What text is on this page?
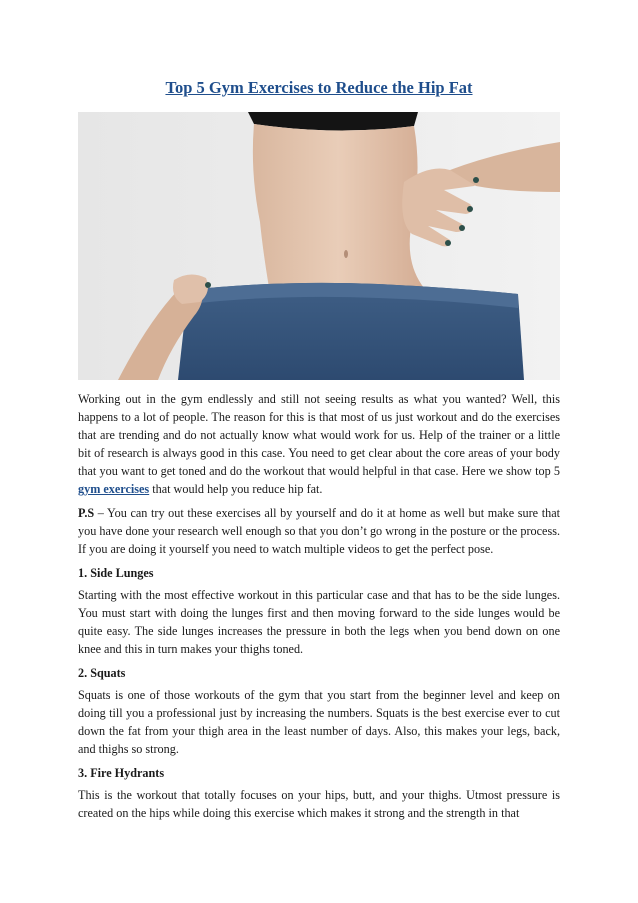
Top 5 Gym Exercises to Reduce the Hip Fat

Working out in the gym endlessly and still not seeing results as what you wanted? Well, this happens to a lot of people. The reason for this is that most of us just workout and do the exercises that are trending and do not actually know what would work for us. Help of the trainer or a little bit of research is always good in this case. You need to get clear about the core areas of your body that you want to get toned and do the workout that would helpful in that case. Here we show top 5 gym exercises that would help you reduce hip fat.

P.S – You can try out these exercises all by yourself and do it at home as well but make sure that you have done your research well enough so that you don’t go wrong in the posture or the process. If you are doing it yourself you need to watch multiple videos to get the perfect pose.

1. Side Lunges

Starting with the most effective workout in this particular case and that has to be the side lunges. You must start with doing the lunges first and then moving forward to the side lunges would be quite easy. The side lunges increases the pressure in both the legs when you bend down on one knee and this in turn makes your thighs toned.

2. Squats

Squats is one of those workouts of the gym that you start from the beginner level and keep on doing till you a professional just by increasing the numbers. Squats is the best exercise ever to cut down the fat from your thigh area in the least number of days. Also, this makes your legs, back, and thighs so strong.

3. Fire Hydrants

This is the workout that totally focuses on your hips, butt, and your thighs. Utmost pressure is created on the hips while doing this exercise which makes it strong and the strength in that
